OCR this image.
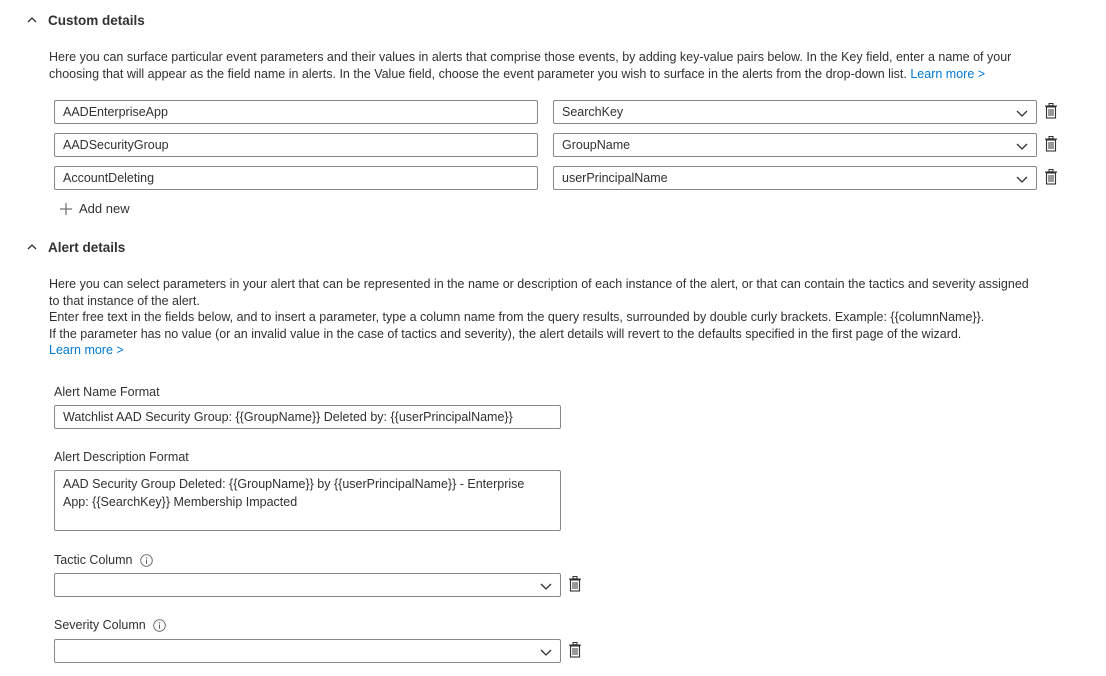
Custom details
Here you can surface particular event parameters and their values in alerts that comprise those events, by adding key-value pairs below. In the Key field, enter a name of your
choosing that will appear as the field name in alerts. In the Value field, choose the event parameter you wish to surface in the alerts from the drop-down list. Learn more >
AADEnterpriseApp	SearchKey
AADSecurityGroup	GroupName
AccountDeleting	userPrincipalName
Add new
Alert details
Here you can select parameters in your alert that can be represented in the name or description of each instance of the alert, or that can contain the tactics and severity assigned
to that instance of the alert.
Enter free text in the fields below, and to insert a parameter, type a column name from the query results, surrounded by double curly brackets. Example: {{columnName}}.
If the parameter has no value (or an invalid value in the case of tactics and severity), the alert details will revert to the defaults specified in the first page of the wizard.
Learn more >
Alert Name Format
Watchlist AAD Security Group: {{GroupName}} Deleted by: {{userPrincipalName}}
Alert Description Format
AAD Security Group Deleted: {{GroupName}} by {{userPrincipalName}} - Enterprise
App: {{SearchKey}} Membership Impacted
Tactic Column
Severity Column
